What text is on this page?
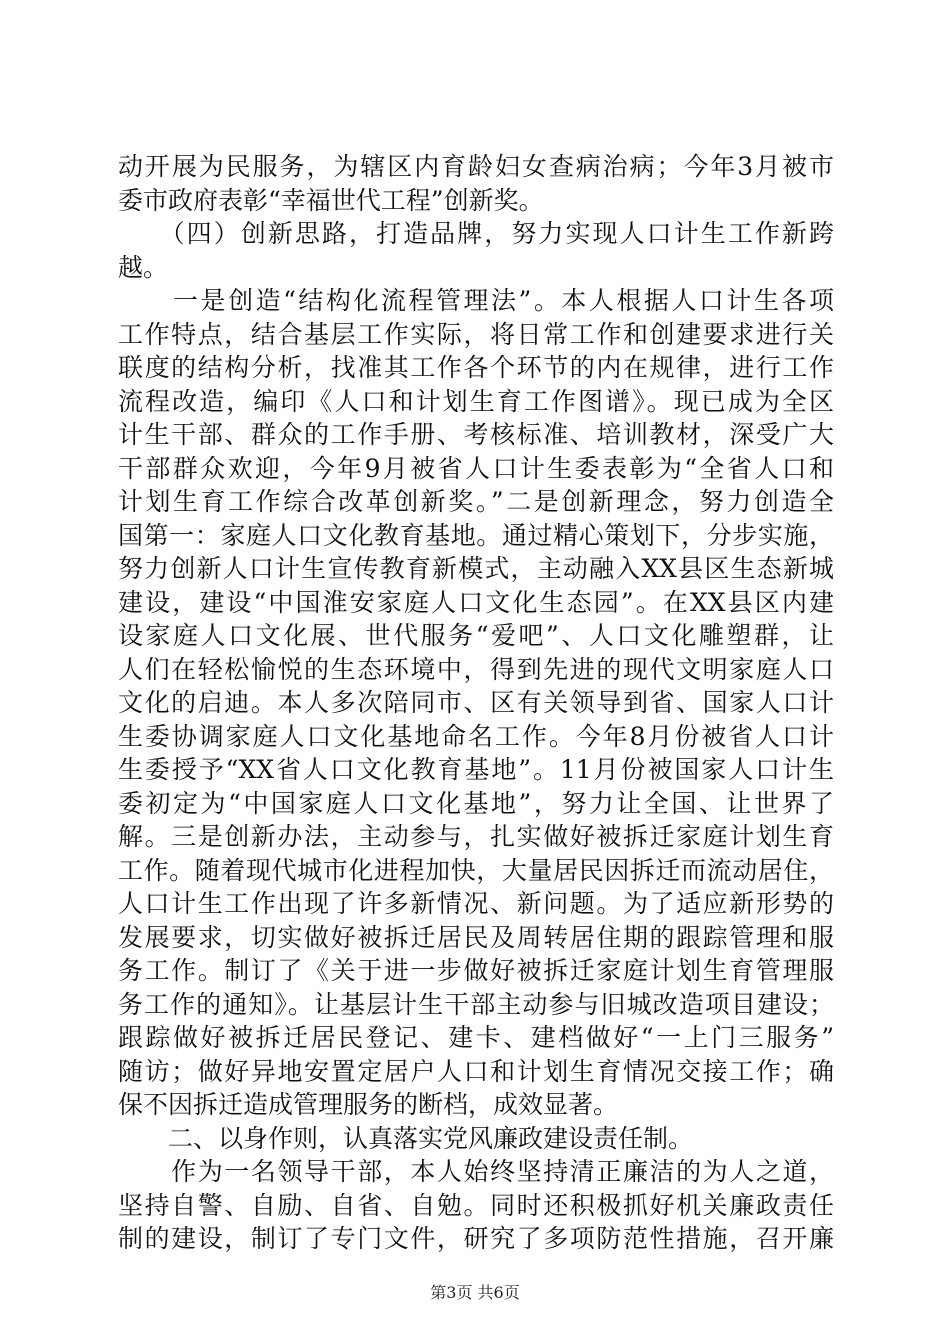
动开展为民服务，为辖区内育龄妇女查病治病；今年3月被市
委市政府表彰“幸福世代工程”创新奖。
　　（四）创新思路，打造品牌，努力实现人口计生工作新跨
越。
　　一是创造“结构化流程管理法”。本人根据人口计生各项
工作特点，结合基层工作实际，将日常工作和创建要求进行关
联度的结构分析，找准其工作各个环节的内在规律，进行工作
流程改造，编印《人口和计划生育工作图谱》。现已成为全区
计生干部、群众的工作手册、考核标准、培训教材，深受广大
干部群众欢迎，今年9月被省人口计生委表彰为“全省人口和
计划生育工作综合改革创新奖。”二是创新理念，努力创造全
国第一：家庭人口文化教育基地。通过精心策划下，分步实施，
努力创新人口计生宣传教育新模式，主动融入XX县区生态新城
建设，建设“中国淮安家庭人口文化生态园”。在XX县区内建
设家庭人口文化展、世代服务“爱吧”、人口文化雕塑群，让
人们在轻松愉悦的生态环境中，得到先进的现代文明家庭人口
文化的启迪。本人多次陪同市、区有关领导到省、国家人口计
生委协调家庭人口文化基地命名工作。今年8月份被省人口计
生委授予“XX省人口文化教育基地”。11月份被国家人口计生
委初定为“中国家庭人口文化基地”，努力让全国、让世界了
解。三是创新办法，主动参与，扎实做好被拆迁家庭计划生育
工作。随着现代城市化进程加快，大量居民因拆迁而流动居住，
人口计生工作出现了许多新情况、新问题。为了适应新形势的
发展要求，切实做好被拆迁居民及周转居住期的跟踪管理和服
务工作。制订了《关于进一步做好被拆迁家庭计划生育管理服
务工作的通知》。让基层计生干部主动参与旧城改造项目建设；
跟踪做好被拆迁居民登记、建卡、建档做好“一上门三服务”
随访；做好异地安置定居户人口和计划生育情况交接工作；确
保不因拆迁造成管理服务的断档，成效显著。
　　二、以身作则，认真落实党风廉政建设责任制。
　　作为一名领导干部，本人始终坚持清正廉洁的为人之道，
坚持自警、自励、自省、自勉。同时还积极抓好机关廉政责任
制的建设，制订了专门文件，研究了多项防范性措施，召开廉
第3页 共6页
